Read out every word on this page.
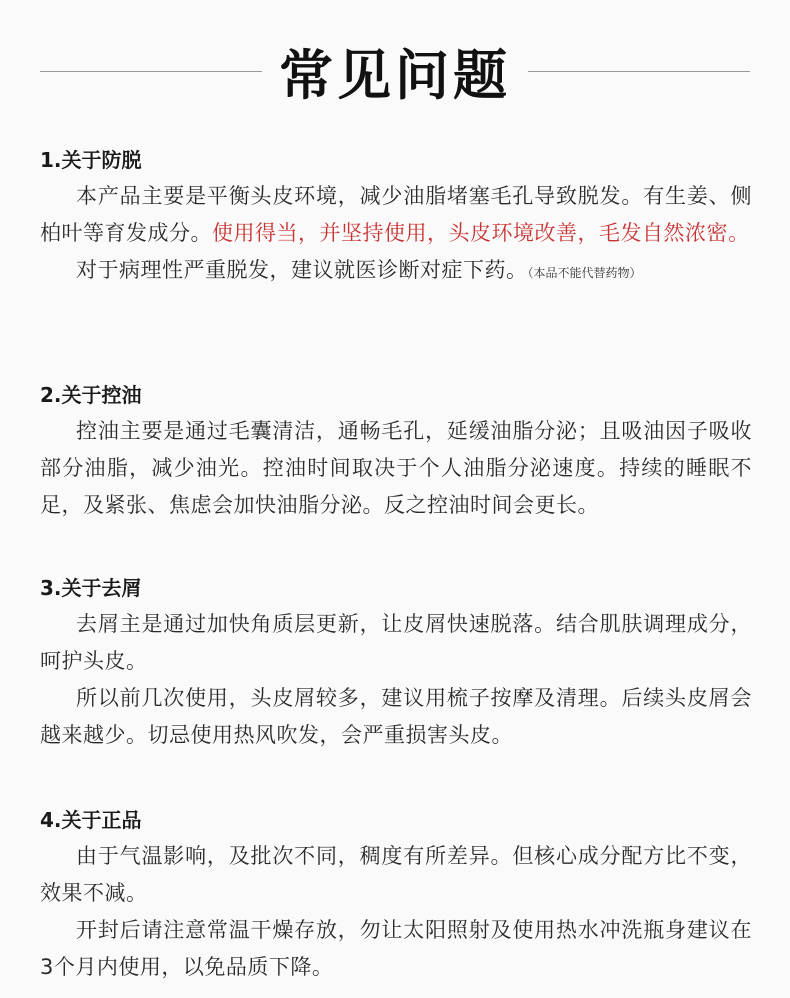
常见问题
1.关于防脱

本产品主要是平衡头皮环境，减少油脂堵塞毛孔导致脱发。有生姜、侧柏叶等育发成分。使用得当，并坚持使用，头皮环境改善，毛发自然浓密。

对于病理性严重脱发，建议就医诊断对症下药。（本品不能代替药物）

2.关于控油

控油主要是通过毛囊清洁，通畅毛孔，延缓油脂分泌；且吸油因子吸收部分油脂，减少油光。控油时间取决于个人油脂分泌速度。持续的睡眠不足，及紧张、焦虑会加快油脂分泌。反之控油时间会更长。

3.关于去屑

去屑主是通过加快角质层更新，让皮屑快速脱落。结合肌肤调理成分，呵护头皮。

所以前几次使用，头皮屑较多，建议用梳子按摩及清理。后续头皮屑会越来越少。切忌使用热风吹发，会严重损害头皮。

4.关于正品

由于气温影响，及批次不同，稠度有所差异。但核心成分配方比不变，效果不减。

开封后请注意常温干燥存放，勿让太阳照射及使用热水冲洗瓶身建议在3个月内使用，以免品质下降。
